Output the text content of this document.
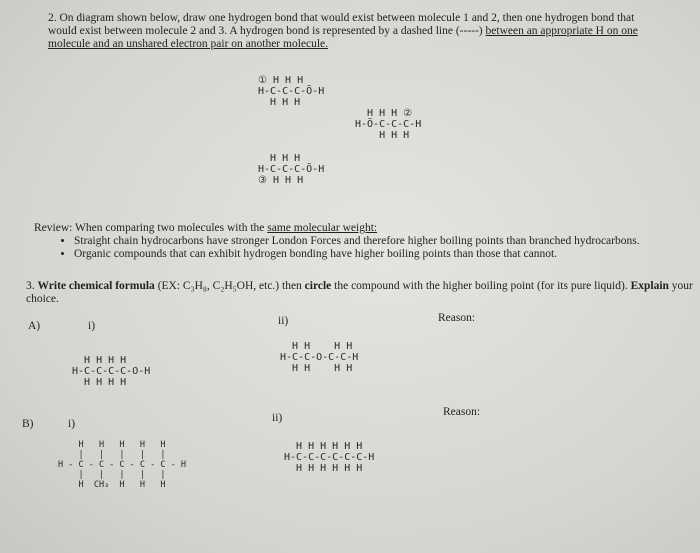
2. On diagram shown below, draw one hydrogen bond that would exist between molecule 1 and 2, then one hydrogen bond that would exist between molecule 2 and 3. A hydrogen bond is represented by a dashed line (-----) between an appropriate H on one molecule and an unshared electron pair on another molecule.

① H H H
H-C-C-C-Ö-H
H H H

H H H ②
H-Ö-C-C-C-H
H H H

H H H
H-C-C-C-Ö-H
③ H H H

Review: When comparing two molecules with the same molecular weight:
• Straight chain hydrocarbons have stronger London Forces and therefore higher boiling points than branched hydrocarbons.
• Organic compounds that can exhibit hydrogen bonding have higher boiling points than those that cannot.
3. Write chemical formula (EX: C₃H₈, C₂H₅OH, etc.) then circle the compound with the higher boiling point (for its pure liquid). Explain your choice.
A)	i)	ii)	Reason:

H H H H
H-C-C-C-C-O-H
H H H H

H H    H H
H-C-C-O-C-C-H
H H    H H

B)	i)	ii)	Reason:

H   H   H   H   H
|   |   |   |   |
H - C - C - C - C - C - H
|   |   |   |   |
H  CH₃  H   H   H

H H H H H H
H-C-C-C-C-C-C-H
H H H H H H
